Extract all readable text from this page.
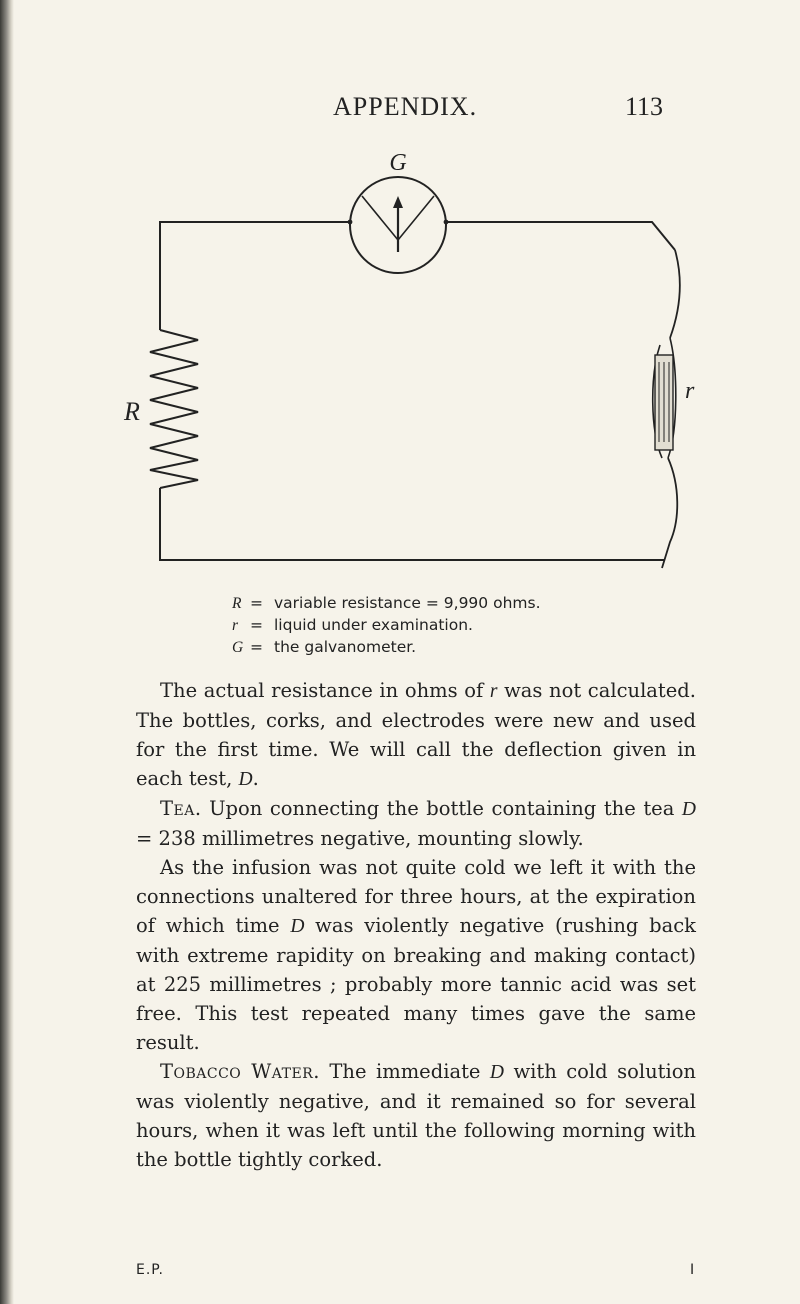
APPENDIX.	113
G
R
r
R = variable resistance = 9,990 ohms.
r = liquid under examination.
G = the galvanometer.

The actual resistance in ohms of r was not calculated. The bottles, corks, and electrodes were new and used for the first time. We will call the deflection given in each test, D.

Tea. Upon connecting the bottle containing the tea D = 238 millimetres negative, mounting slowly.

As the infusion was not quite cold we left it with the connections unaltered for three hours, at the expiration of which time D was violently negative (rushing back with extreme rapidity on breaking and making contact) at 225 millimetres ; probably more tannic acid was set free. This test repeated many times gave the same result.

Tobacco Water. The immediate D with cold solution was violently negative, and it remained so for several hours, when it was left until the following morning with the bottle tightly corked.

E.P.	I
